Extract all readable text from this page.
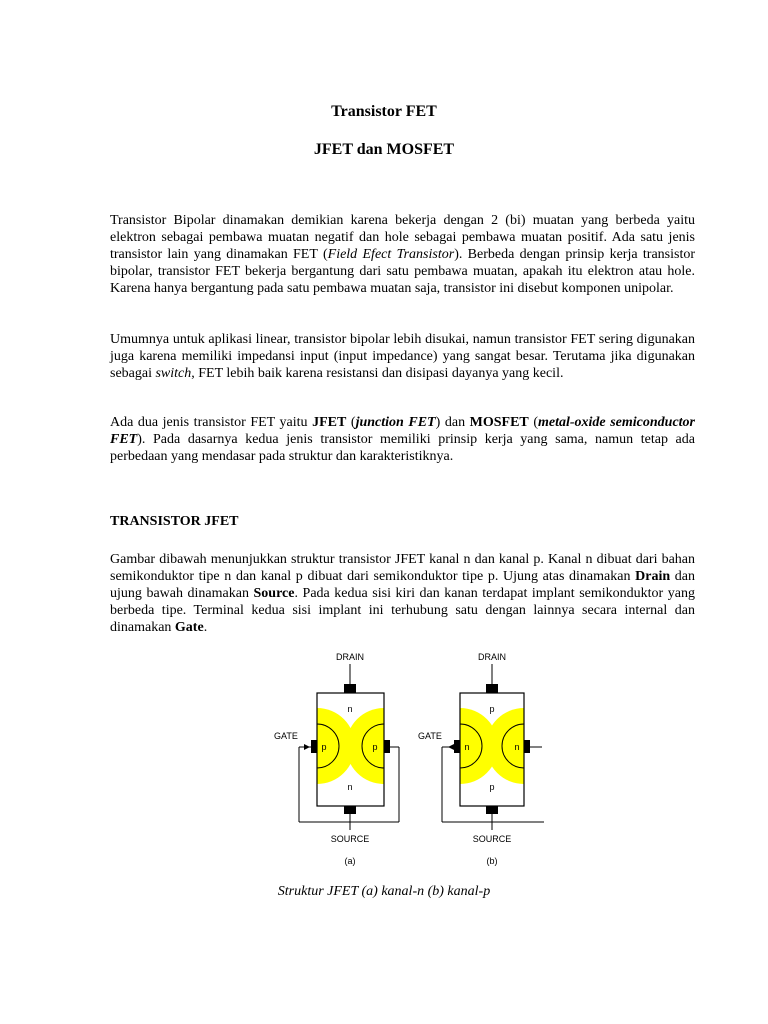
Transistor FET
JFET dan MOSFET
Transistor Bipolar dinamakan demikian karena bekerja dengan 2 (bi) muatan yang berbeda yaitu elektron sebagai pembawa muatan negatif dan hole sebagai pembawa muatan positif. Ada satu jenis transistor lain yang dinamakan FET (Field Efect Transistor). Berbeda dengan prinsip kerja transistor bipolar, transistor FET bekerja bergantung dari satu pembawa muatan, apakah itu elektron atau hole. Karena hanya bergantung pada satu pembawa muatan saja, transistor ini disebut komponen unipolar.
Umumnya untuk aplikasi linear, transistor bipolar lebih disukai, namun transistor FET sering digunakan juga karena memiliki impedansi input (input impedance) yang sangat besar. Terutama jika digunakan sebagai switch, FET lebih baik karena resistansi dan disipasi dayanya yang kecil.
Ada dua jenis transistor FET yaitu JFET (junction FET) dan MOSFET (metal-oxide semiconductor FET). Pada dasarnya kedua jenis transistor memiliki prinsip kerja yang sama, namun tetap ada perbedaan yang mendasar pada struktur dan karakteristiknya.
TRANSISTOR JFET
Gambar dibawah menunjukkan struktur transistor JFET kanal n dan kanal p. Kanal n dibuat dari bahan semikonduktor tipe n dan kanal p dibuat dari semikonduktor tipe p. Ujung atas dinamakan Drain dan ujung bawah dinamakan Source. Pada kedua sisi kiri dan kanan terdapat implant semikonduktor yang berbeda tipe. Terminal kedua sisi implant ini terhubung satu dengan lainnya secara internal dan dinamakan Gate.
DRAIN
GATE
n
n
p	p
SOURCE
(a)
DRAIN
GATE
p
p
n	n
SOURCE
(b)
Struktur JFET (a) kanal-n (b) kanal-p
